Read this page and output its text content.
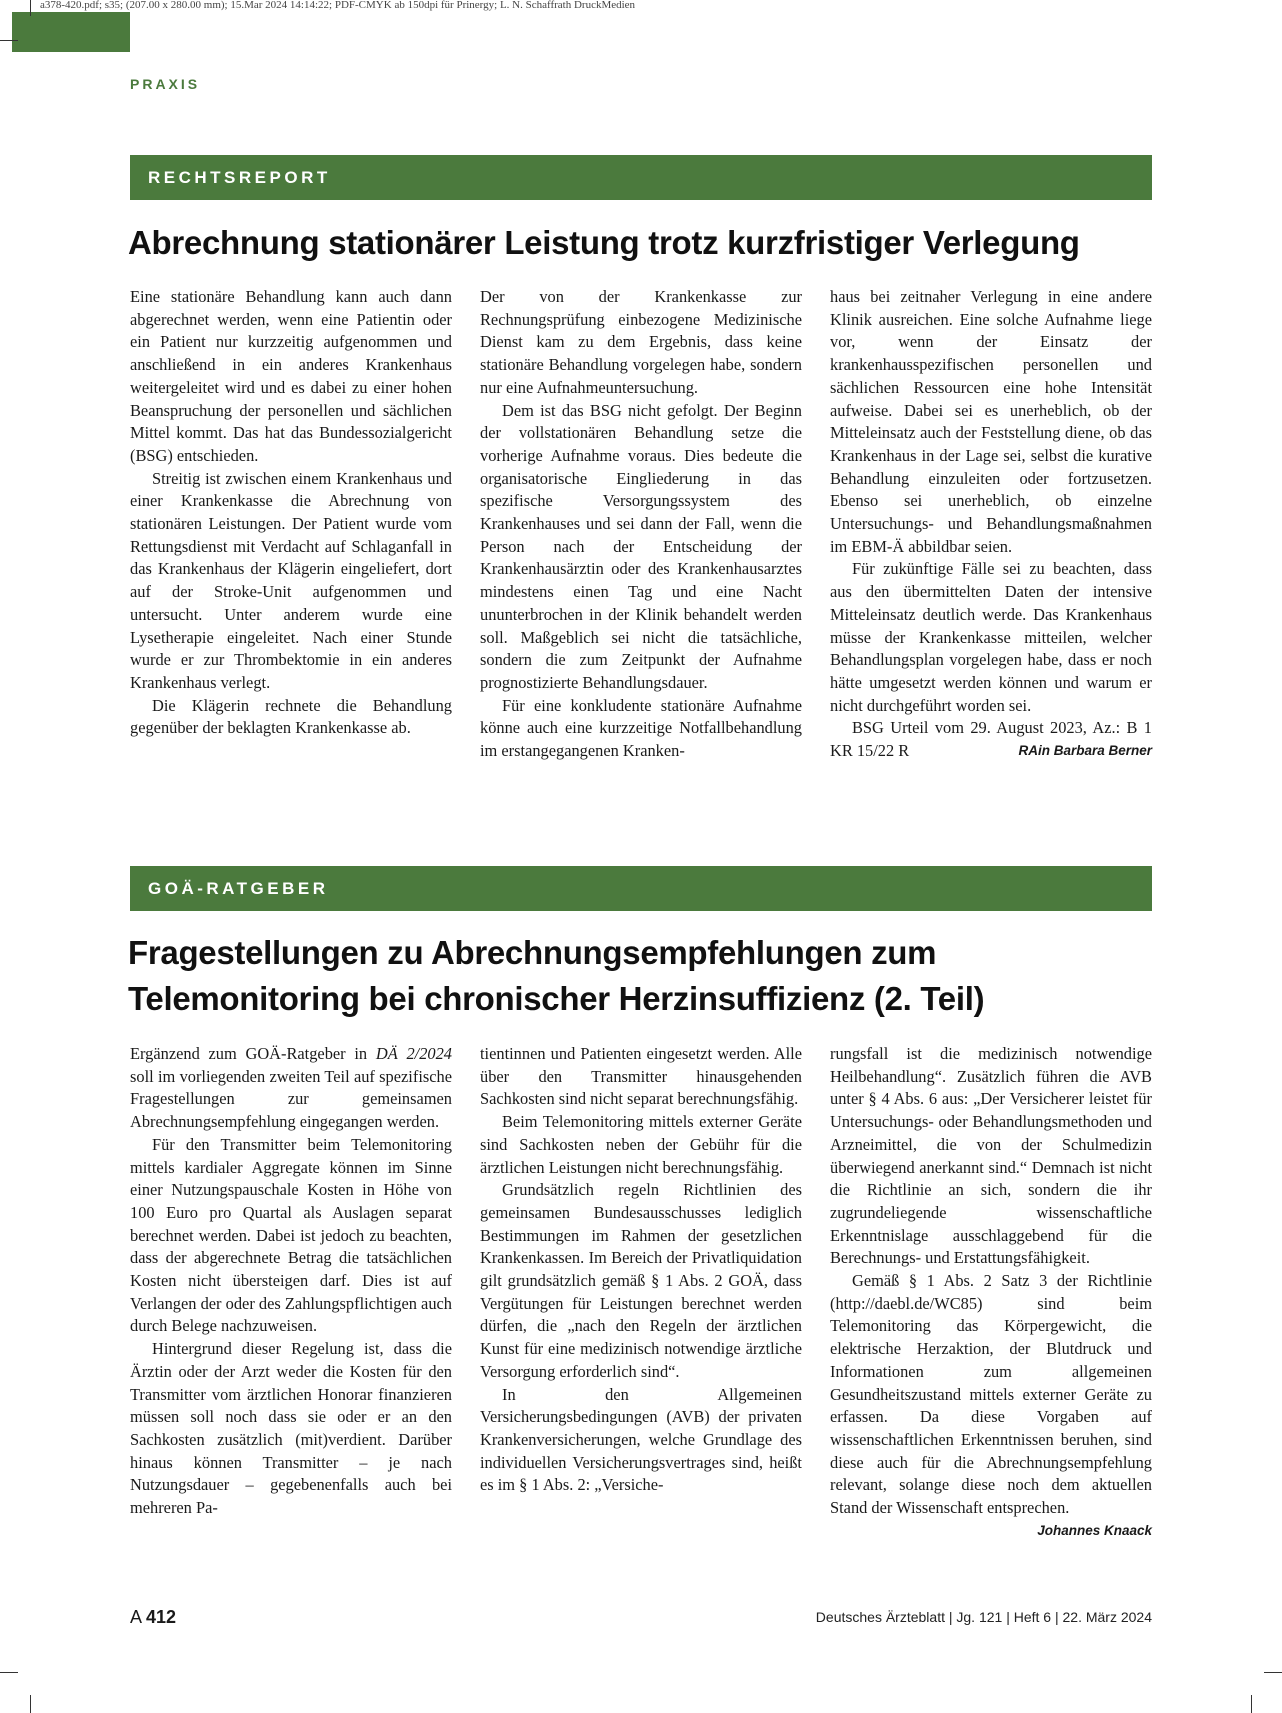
a378-420.pdf; s35; (207.00 x 280.00 mm); 15.Mar 2024 14:14:22; PDF-CMYK ab 150dpi für Prinergy; L. N. Schaffrath DruckMedien
PRAXIS
RECHTSREPORT
Abrechnung stationärer Leistung trotz kurzfristiger Verlegung

Eine stationäre Behandlung kann auch dann abgerechnet werden, wenn eine Patientin oder ein Patient nur kurzzeitig aufgenommen und anschließend in ein anderes Krankenhaus weitergeleitet wird und es dabei zu einer hohen Beanspruchung der personellen und sächlichen Mittel kommt. Das hat das Bundessozialgericht (BSG) entschieden.

Streitig ist zwischen einem Krankenhaus und einer Krankenkasse die Abrechnung von stationären Leistungen. Der Patient wurde vom Rettungsdienst mit Verdacht auf Schlaganfall in das Krankenhaus der Klägerin eingeliefert, dort auf der Stroke-Unit aufgenommen und untersucht. Unter anderem wurde eine Lysetherapie eingeleitet. Nach einer Stunde wurde er zur Thrombektomie in ein anderes Krankenhaus verlegt.

Die Klägerin rechnete die Behandlung gegenüber der beklagten Krankenkasse ab.

Der von der Krankenkasse zur Rechnungsprüfung einbezogene Medizinische Dienst kam zu dem Ergebnis, dass keine stationäre Behandlung vorgelegen habe, sondern nur eine Aufnahmeuntersuchung.

Dem ist das BSG nicht gefolgt. Der Beginn der vollstationären Behandlung setze die vorherige Aufnahme voraus. Dies bedeute die organisatorische Eingliederung in das spezifische Versorgungssystem des Krankenhauses und sei dann der Fall, wenn die Person nach der Entscheidung der Krankenhausärztin oder des Krankenhausarztes mindestens einen Tag und eine Nacht ununterbrochen in der Klinik behandelt werden soll. Maßgeblich sei nicht die tatsächliche, sondern die zum Zeitpunkt der Aufnahme prognostizierte Behandlungsdauer.

Für eine konkludente stationäre Aufnahme könne auch eine kurzzeitige Notfallbehandlung im erstangegangenen Kranken-

haus bei zeitnaher Verlegung in eine andere Klinik ausreichen. Eine solche Aufnahme liege vor, wenn der Einsatz der krankenhausspezifischen personellen und sächlichen Ressourcen eine hohe Intensität aufweise. Dabei sei es unerheblich, ob der Mitteleinsatz auch der Feststellung diene, ob das Krankenhaus in der Lage sei, selbst die kurative Behandlung einzuleiten oder fortzusetzen. Ebenso sei unerheblich, ob einzelne Untersuchungs- und Behandlungsmaßnahmen im EBM-Ä abbildbar seien.

Für zukünftige Fälle sei zu beachten, dass aus den übermittelten Daten der intensive Mitteleinsatz deutlich werde. Das Krankenhaus müsse der Krankenkasse mitteilen, welcher Behandlungsplan vorgelegen habe, dass er noch hätte umgesetzt werden können und warum er nicht durchgeführt worden sei.

BSG Urteil vom 29. August 2023, Az.: B 1 KR 15/22 R	RAin Barbara Berner

GOÄ-RATGEBER
Fragestellungen zu Abrechnungsempfehlungen zum Telemonitoring bei chronischer Herzinsuffizienz (2. Teil)

Ergänzend zum GOÄ-Ratgeber in DÄ 2/2024 soll im vorliegenden zweiten Teil auf spezifische Fragestellungen zur gemeinsamen Abrechnungsempfehlung eingegangen werden.

Für den Transmitter beim Telemonitoring mittels kardialer Aggregate können im Sinne einer Nutzungspauschale Kosten in Höhe von 100 Euro pro Quartal als Auslagen separat berechnet werden. Dabei ist jedoch zu beachten, dass der abgerechnete Betrag die tatsächlichen Kosten nicht übersteigen darf. Dies ist auf Verlangen der oder des Zahlungspflichtigen auch durch Belege nachzuweisen.

Hintergrund dieser Regelung ist, dass die Ärztin oder der Arzt weder die Kosten für den Transmitter vom ärztlichen Honorar finanzieren müssen soll noch dass sie oder er an den Sachkosten zusätzlich (mit)verdient. Darüber hinaus können Transmitter – je nach Nutzungsdauer – gegebenenfalls auch bei mehreren Pa-

tientinnen und Patienten eingesetzt werden. Alle über den Transmitter hinausgehenden Sachkosten sind nicht separat berechnungsfähig.

Beim Telemonitoring mittels externer Geräte sind Sachkosten neben der Gebühr für die ärztlichen Leistungen nicht berechnungsfähig.

Grundsätzlich regeln Richtlinien des gemeinsamen Bundesausschusses lediglich Bestimmungen im Rahmen der gesetzlichen Krankenkassen. Im Bereich der Privatliquidation gilt grundsätzlich gemäß § 1 Abs. 2 GOÄ, dass Vergütungen für Leistungen berechnet werden dürfen, die „nach den Regeln der ärztlichen Kunst für eine medizinisch notwendige ärztliche Versorgung erforderlich sind“.

In den Allgemeinen Versicherungsbedingungen (AVB) der privaten Krankenversicherungen, welche Grundlage des individuellen Versicherungsvertrages sind, heißt es im § 1 Abs. 2: „Versiche-

rungsfall ist die medizinisch notwendige Heilbehandlung“. Zusätzlich führen die AVB unter § 4 Abs. 6 aus: „Der Versicherer leistet für Untersuchungs- oder Behandlungsmethoden und Arzneimittel, die von der Schulmedizin überwiegend anerkannt sind.“ Demnach ist nicht die Richtlinie an sich, sondern die ihr zugrundeliegende wissenschaftliche Erkenntnislage ausschlaggebend für die Berechnungs- und Erstattungsfähigkeit.

Gemäß § 1 Abs. 2 Satz 3 der Richtlinie (http://daebl.de/WC85) sind beim Telemonitoring das Körpergewicht, die elektrische Herzaktion, der Blutdruck und Informationen zum allgemeinen Gesundheitszustand mittels externer Geräte zu erfassen. Da diese Vorgaben auf wissenschaftlichen Erkenntnissen beruhen, sind diese auch für die Abrechnungsempfehlung relevant, solange diese noch dem aktuellen Stand der Wissenschaft entsprechen.
Johannes Knaack

A 412	Deutsches Ärzteblatt | Jg. 121 | Heft 6 | 22. März 2024
